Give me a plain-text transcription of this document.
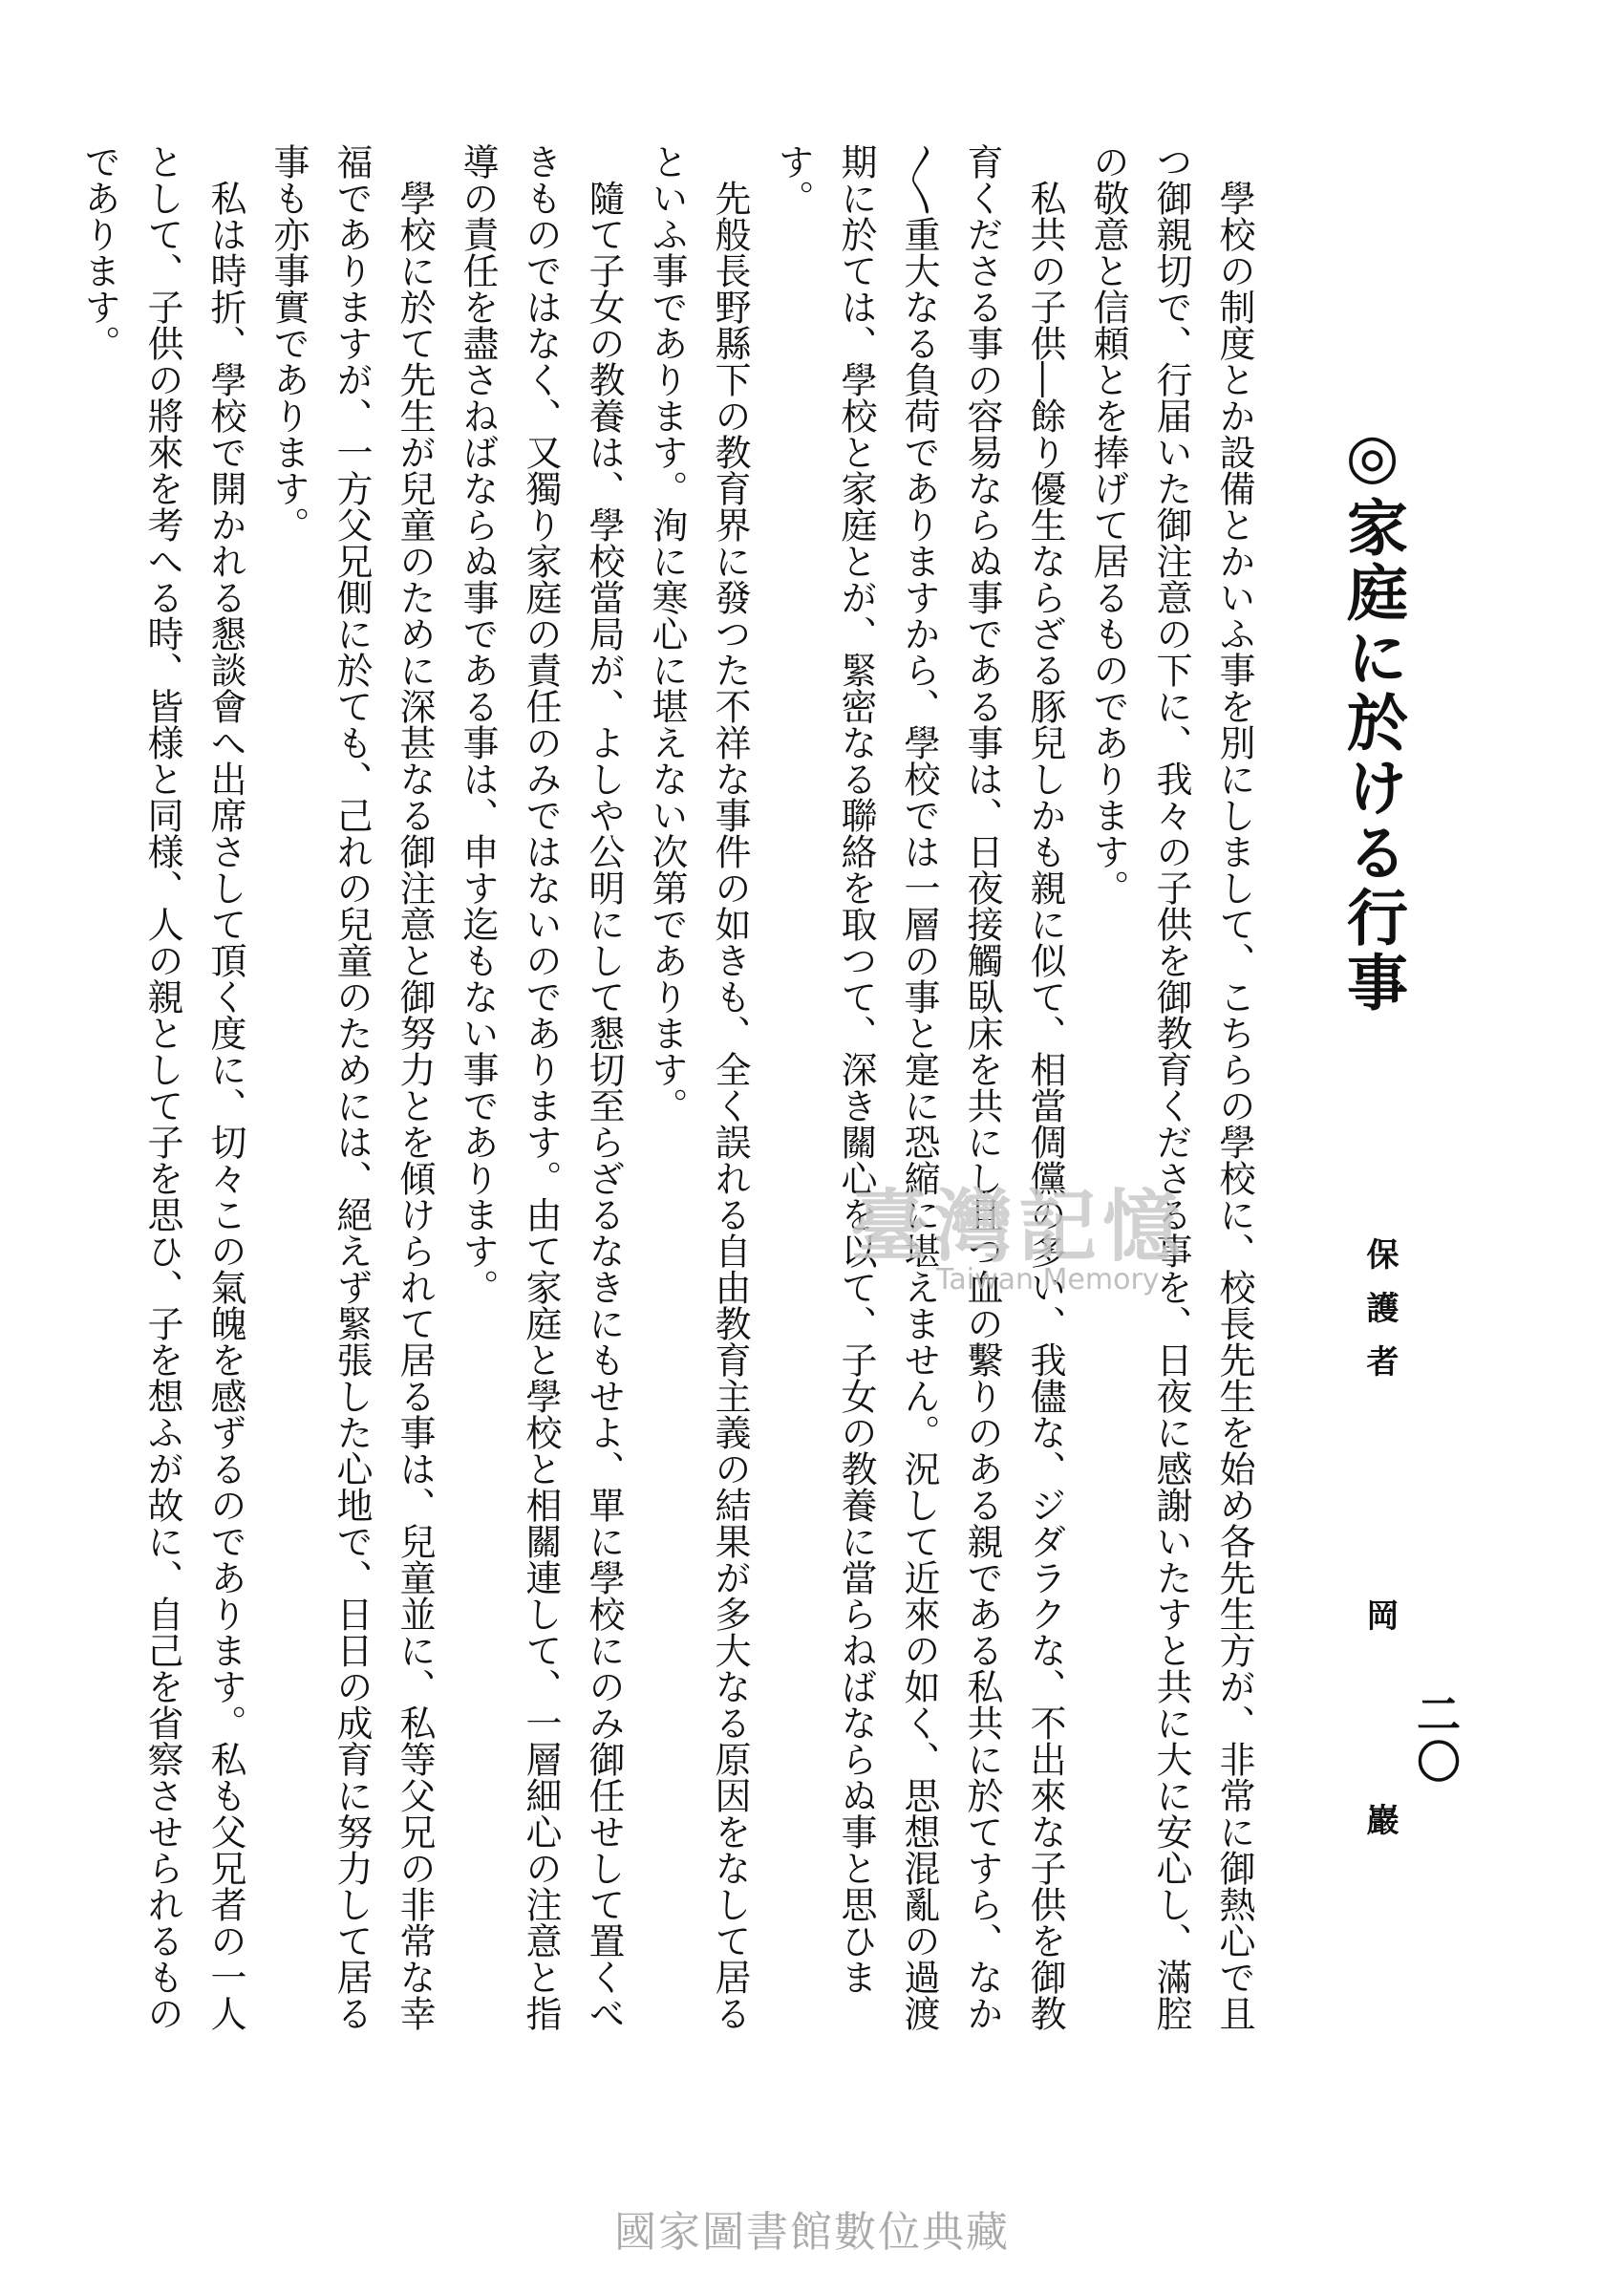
◎家庭に於ける行事
保護者岡巖 二〇

學校の制度とか設備とかいふ事を別にしまして、こちらの學校に、校長先生を始め各先生方が、非常に御熱心で且つ御親切で、行届いた御注意の下に、我々の子供を御教育くださる事を、日夜に感謝いたすと共に大に安心し、滿腔の敬意と信頼とを捧げて居るものであります。

私共の子供―餘り優生ならざる豚兒しかも親に似て、相當倜儻の多い、我儘な、ジダラクな、不出來な子供を御教育くださる事の容易ならぬ事である事は、日夜接觸臥床を共にし且つ血の繫りのある親である私共に於てすら、なか〳〵重大なる負荷でありますから、學校では一層の事と寔に恐縮に堪えません。況して近來の如く、思想混亂の過渡期に於ては、學校と家庭とが、緊密なる聯絡を取つて、深き關心を以て、子女の教養に當らねばならぬ事と思ひます。

先般長野縣下の教育界に發つた不祥な事件の如きも、全く誤れる自由教育主義の結果が多大なる原因をなして居るといふ事であります。洵に寒心に堪えない次第であります。

隨て子女の教養は、學校當局が、よしや公明にして懇切至らざるなきにもせよ、單に學校にのみ御任せして置くべきものではなく、又獨り家庭の責任のみではないのであります。由て家庭と學校と相關連して、一層細心の注意と指導の責任を盡さねばならぬ事である事は、申す迄もない事であります。

學校に於て先生が兒童のために深甚なる御注意と御努力とを傾けられて居る事は、兒童並に、私等父兄の非常な幸福でありますが、一方父兄側に於ても、己れの兒童のためには、絕えず緊張した心地で、日日の成育に努力して居る事も亦事實であります。

私は時折、學校で開かれる懇談會へ出席さして頂く度に、切々この氣魄を感ずるのであります。私も父兄者の一人として、子供の將來を考へる時、皆様と同様、人の親として子を思ひ、子を想ふが故に、自己を省察させられるものであります。

臺灣記憶
Taiwan Memory
國家圖書館數位典藏
